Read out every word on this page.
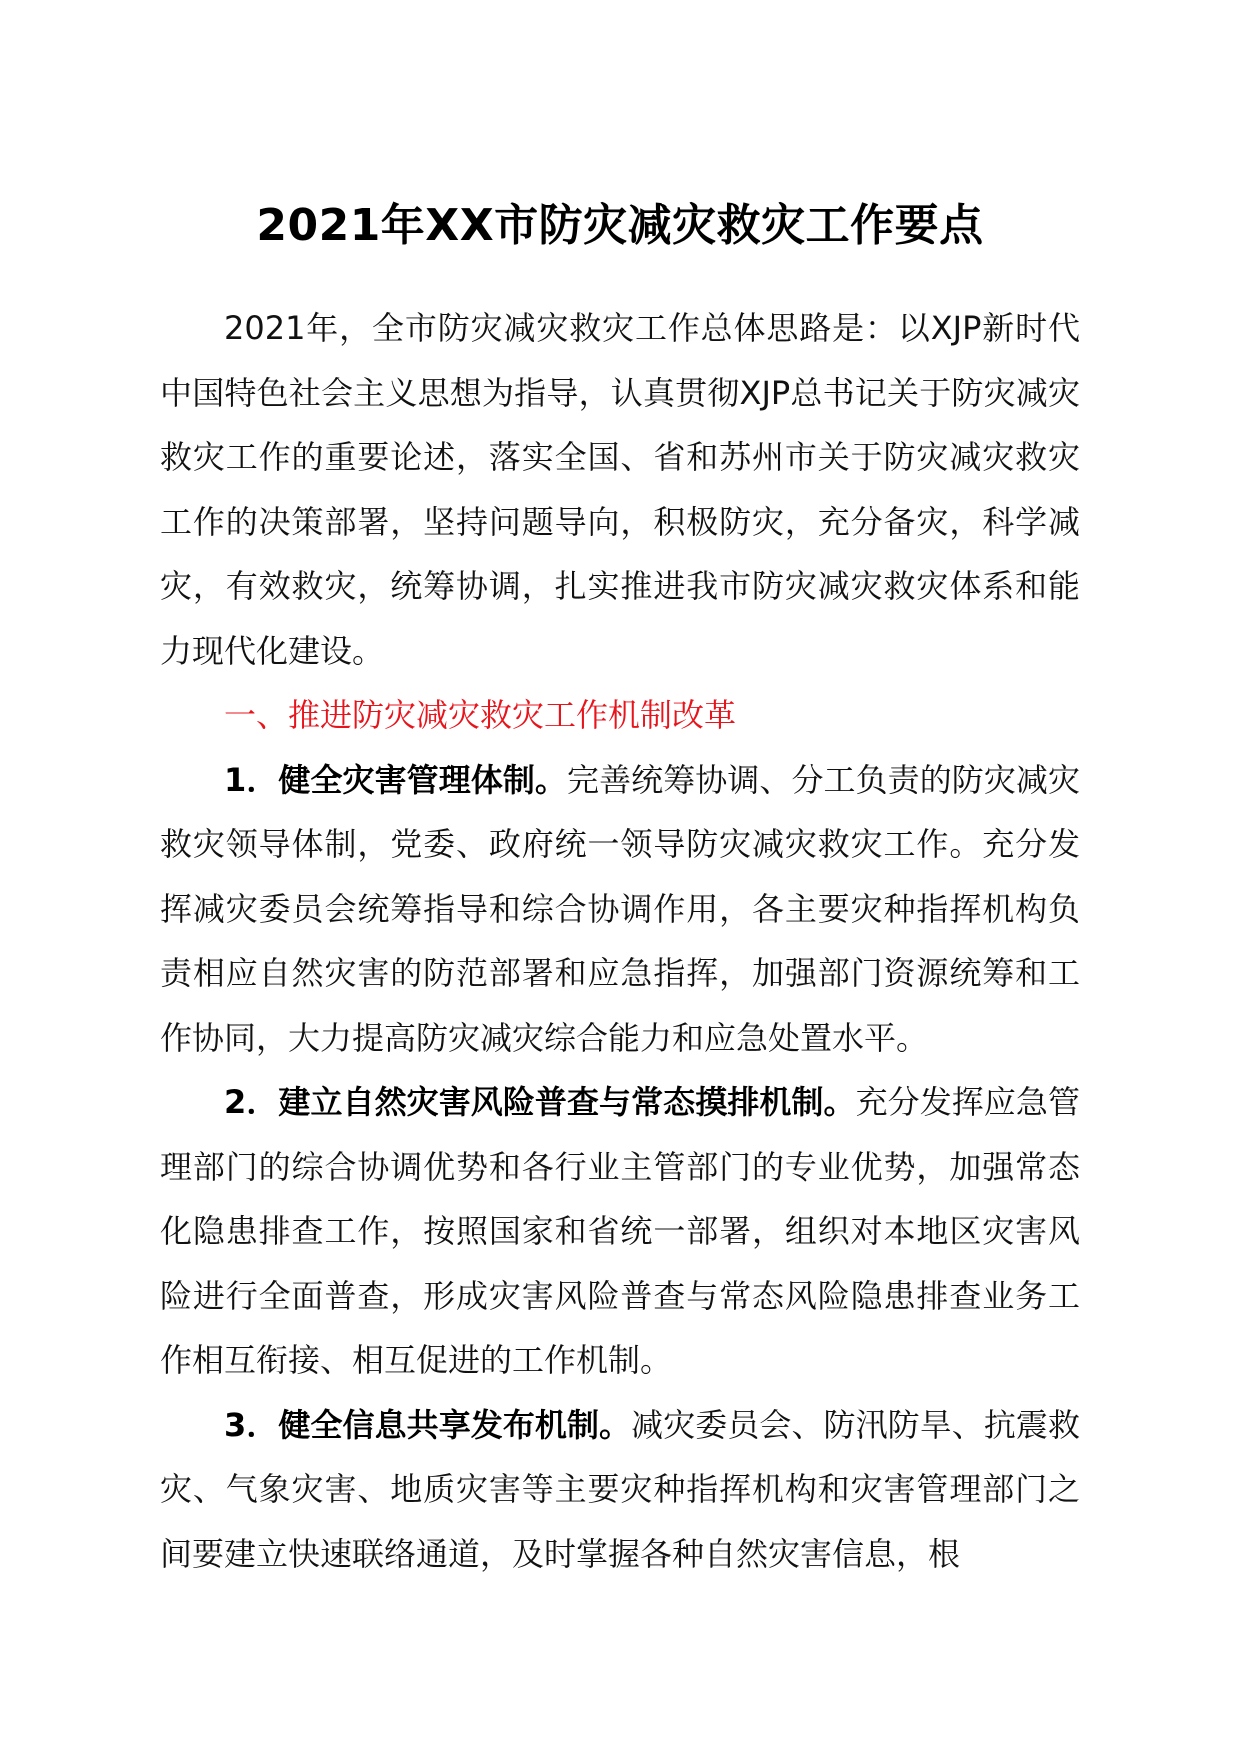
2021年XX市防灾减灾救灾工作要点

2021年，全市防灾减灾救灾工作总体思路是：以XJP新时代中国特色社会主义思想为指导，认真贯彻XJP总书记关于防灾减灾救灾工作的重要论述，落实全国、省和苏州市关于防灾减灾救灾工作的决策部署，坚持问题导向，积极防灾，充分备灾，科学减灾，有效救灾，统筹协调，扎实推进我市防灾减灾救灾体系和能力现代化建设。

一、推进防灾减灾救灾工作机制改革

1．健全灾害管理体制。完善统筹协调、分工负责的防灾减灾救灾领导体制，党委、政府统一领导防灾减灾救灾工作。充分发挥减灾委员会统筹指导和综合协调作用，各主要灾种指挥机构负责相应自然灾害的防范部署和应急指挥，加强部门资源统筹和工作协同，大力提高防灾减灾综合能力和应急处置水平。

2．建立自然灾害风险普查与常态摸排机制。充分发挥应急管理部门的综合协调优势和各行业主管部门的专业优势，加强常态化隐患排查工作，按照国家和省统一部署，组织对本地区灾害风险进行全面普查，形成灾害风险普查与常态风险隐患排查业务工作相互衔接、相互促进的工作机制。

3．健全信息共享发布机制。减灾委员会、防汛防旱、抗震救灾、气象灾害、地质灾害等主要灾种指挥机构和灾害管理部门之间要建立快速联络通道，及时掌握各种自然灾害信息，根
